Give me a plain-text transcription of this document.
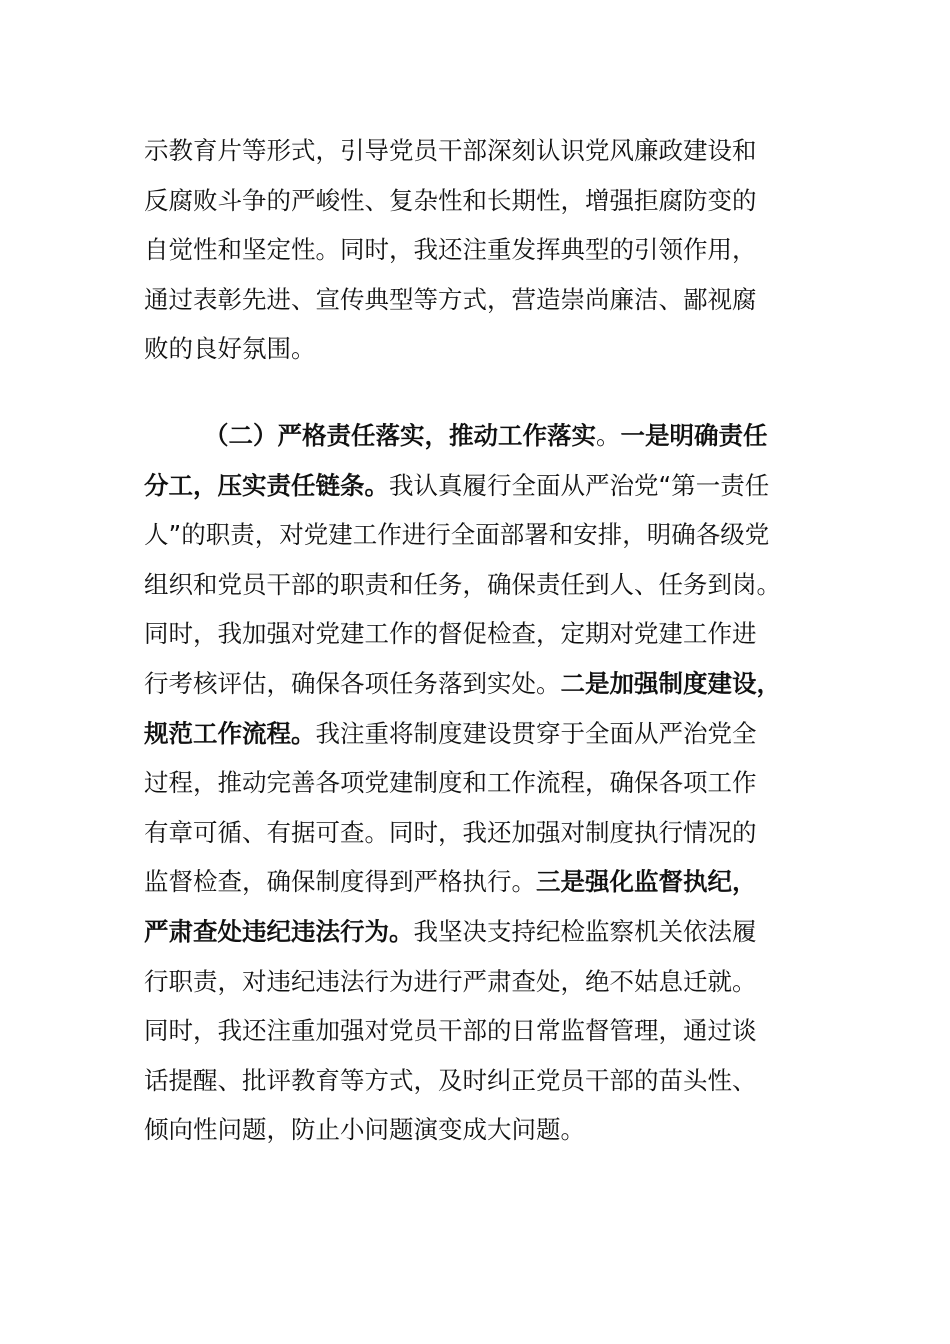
示教育片等形式，引导党员干部深刻认识党风廉政建设和
反腐败斗争的严峻性、复杂性和长期性，增强拒腐防变的
自觉性和坚定性。同时，我还注重发挥典型的引领作用，
通过表彰先进、宣传典型等方式，营造崇尚廉洁、鄙视腐
败的良好氛围。
（二）严格责任落实，推动工作落实。一是明确责任
分工，压实责任链条。我认真履行全面从严治党“第一责任
人”的职责，对党建工作进行全面部署和安排，明确各级党
组织和党员干部的职责和任务，确保责任到人、任务到岗。
同时，我加强对党建工作的督促检查，定期对党建工作进
行考核评估，确保各项任务落到实处。二是加强制度建设，
规范工作流程。我注重将制度建设贯穿于全面从严治党全
过程，推动完善各项党建制度和工作流程，确保各项工作
有章可循、有据可查。同时，我还加强对制度执行情况的
监督检查，确保制度得到严格执行。三是强化监督执纪，
严肃查处违纪违法行为。我坚决支持纪检监察机关依法履
行职责，对违纪违法行为进行严肃查处，绝不姑息迁就。
同时，我还注重加强对党员干部的日常监督管理，通过谈
话提醒、批评教育等方式，及时纠正党员干部的苗头性、
倾向性问题，防止小问题演变成大问题。
